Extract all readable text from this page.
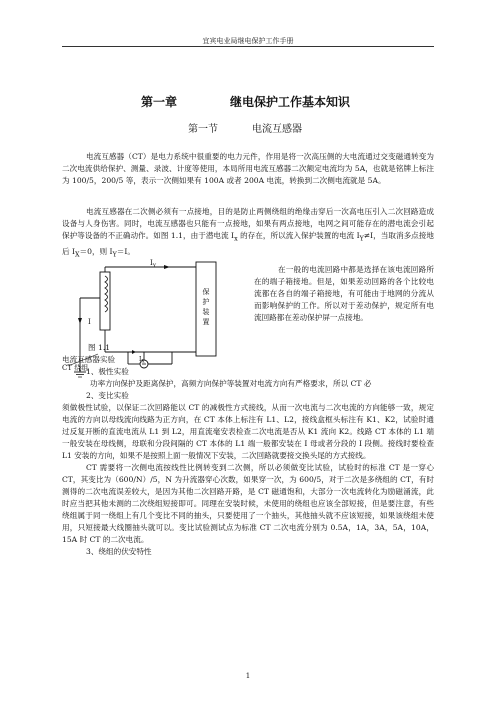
宜宾电业局继电保护工作手册
第一章	继电保护工作基本知识
第一节	电流互感器

电流互感器（CT）是电力系统中很重要的电力元件，作用是将一次高压侧的大电流通过交变磁通转变为二次电流供给保护、测量、录波、计度等使用，本局所用电流互感器二次额定电流均为 5A，也就是铭牌上标注为 100/5，200/5 等，表示一次侧如果有 100A 或者 200A 电流，转换到二次侧电流就是 5A。

电流互感器在二次侧必须有一点接地，目的是防止两侧绕组的绝缘击穿后一次高电压引入二次回路造成设备与人身伤害。同时，电流互感器也只能有一点接地，如果有两点接地，电网之间可能存在的潜电流会引起保护等设备的不正确动作。如图 1.1，由于潜电流 $I_x$ 的存在，所以流入保护装置的电流 $I_Y\ne I$，当取消多点接地后 $I_X=0$，则 $I_Y=I$。

$I_Y$
I
$I_X$
保
护
装
置
CT 绕组

在一般的电流回路中都是选择在该电流回路所在的端子箱接地。但是，如果差动回路的各个比较电流都在各自的端子箱接地，有可能由于地网的分流从而影响保护的工作。所以对于差动保护，规定所有电流回路都在差动保护屏一点接地。

图 1.1

电流互感器实验

1、极性实验

功率方向保护及距离保护，高频方向保护等装置对电流方向有严格要求，所以 CT 必

2、变比实验

须做极性试验，以保证二次回路能以 CT 的减极性方式接线，从而一次电流与二次电流的方向能够一致，规定电流的方向以母线流向线路为正方向，在 CT 本体上标注有 L1、L2，接线盒框头标注有 K1、K2，试验时通过反复开断的直流电流从 L1 到 L2，用直流毫安表检查二次电流是否从 K1 流向 K2。线路 CT 本体的 L1 端一般安装在母线侧，母联和分段间隔的 CT 本体的 L1 端一般都安装在 I 母或者分段的 I 段侧。接线时要检查 L1 安装的方向，如果不是按照上面一般情况下安装，二次回路就要接交换头尾的方式接线。

CT 需要将一次侧电流按线性比例转变到二次侧，所以必须做变比试验，试验时的标准 CT 是一穿心 CT，其变比为（600/N）/5，N 为升流器穿心次数，如果穿一次，为 600/5，对于二次是多绕组的 CT，有时测得的二次电流误差较大，是因为其他二次回路开路，是 CT 磁通饱和，大部分一次电流转化为励磁涌流，此时应当把其他未测的二次绕组短接即可。同理在安装时候，未使用的绕组也应该全部短接，但是要注意，有些绕组属于同一绕组上有几个变比不同的抽头，只要使用了一个抽头，其他抽头就不应该短接，如果该绕组未使用，只短接最大线圈抽头就可以。变比试验测试点为标准 CT 二次电流分别为 0.5A，1A，3A，5A，10A，15A 时 CT 的二次电流。

3、绕组的伏安特性

1
